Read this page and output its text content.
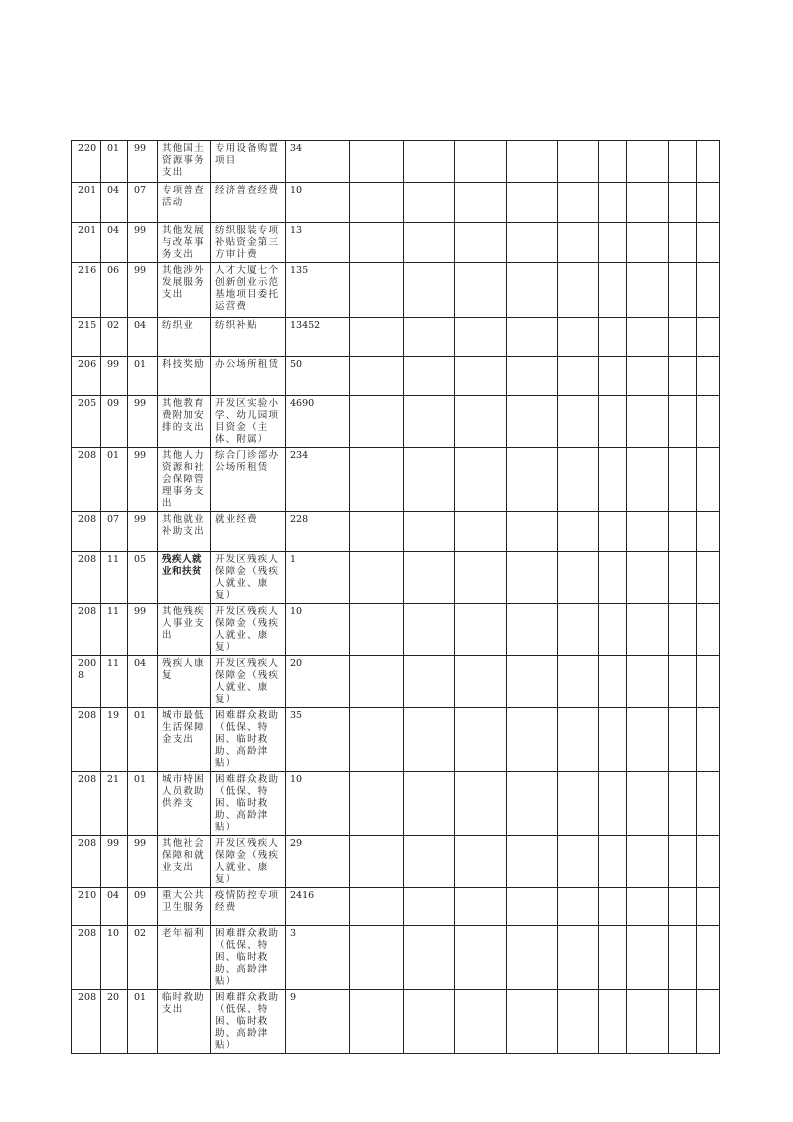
220	01	99	其他国土资源事务支出	专用设备购置项目	34									
201	04	07	专项普查活动	经济普查经费	10									
201	04	99	其他发展与改革事务支出	纺织服装专项补贴资金第三方审计费	13									
216	06	99	其他涉外发展服务支出	人才大厦七个创新创业示范基地项目委托运营费	135									
215	02	04	纺织业	纺织补贴	13452									
206	99	01	科技奖励	办公场所租赁	50									
205	09	99	其他教育费附加安排的支出	开发区实验小学、幼儿园项目资金（主体、附属）	4690									
208	01	99	其他人力资源和社会保障管理事务支出	综合门诊部办公场所租赁	234									
208	07	99	其他就业补助支出	就业经费	228									
208	11	05	残疾人就业和扶贫	开发区残疾人保障金（残疾人就业、康复）	1									
208	11	99	其他残疾人事业支出	开发区残疾人保障金（残疾人就业、康复）	10									
2008	11	04	残疾人康复	开发区残疾人保障金（残疾人就业、康复）	20									
208	19	01	城市最低生活保障金支出	困难群众救助（低保、特困、临时救助、高龄津贴）	35									
208	21	01	城市特困人员救助供养支	困难群众救助（低保、特困、临时救助、高龄津贴）	10									
208	99	99	其他社会保障和就业支出	开发区残疾人保障金（残疾人就业、康复）	29									
210	04	09	重大公共卫生服务	疫情防控专项经费	2416									
208	10	02	老年福利	困难群众救助（低保、特困、临时救助、高龄津贴）	3									
208	20	01	临时救助支出	困难群众救助（低保、特困、临时救助、高龄津贴）	9									
